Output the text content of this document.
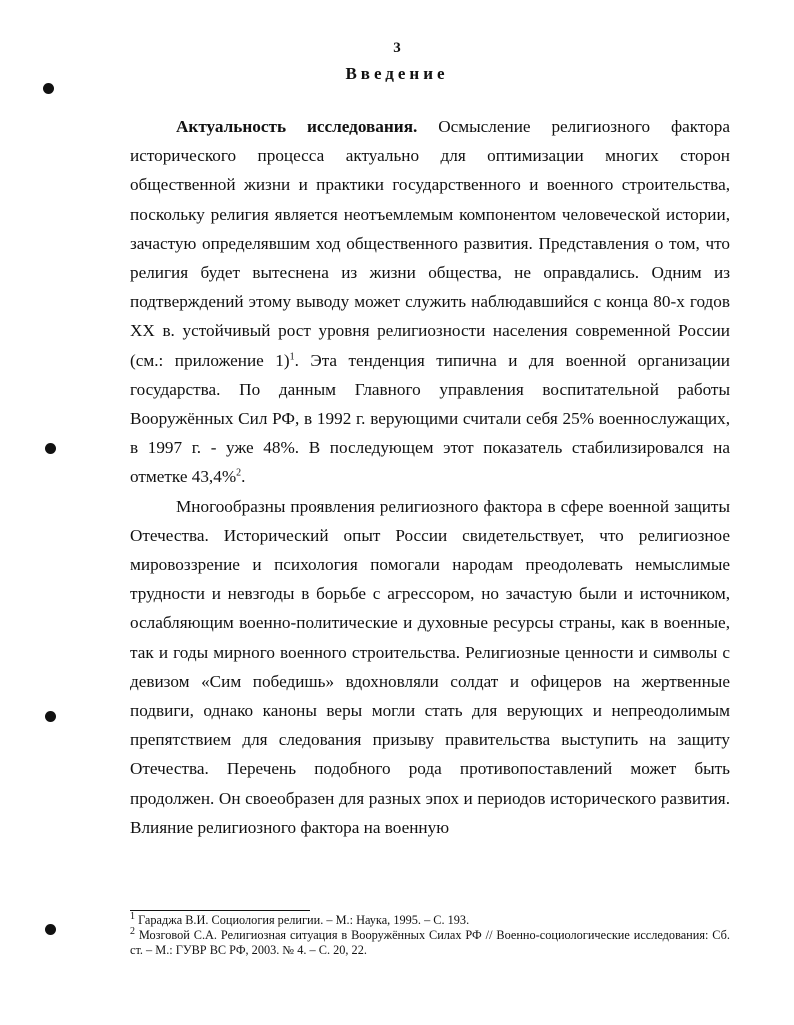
3
Введение

Актуальность исследования. Осмысление религиозного фактора исторического процесса актуально для оптимизации многих сторон общественной жизни и практики государственного и военного строительства, поскольку религия является неотъемлемым компонентом человеческой истории, зачастую определявшим ход общественного развития. Представления о том, что религия будет вытеснена из жизни общества, не оправдались. Одним из подтверждений этому выводу может служить наблюдавшийся с конца 80-х годов XX в. устойчивый рост уровня религиозности населения современной России (см.: приложение 1)$^1$. Эта тенденция типична и для военной организации государства. По данным Главного управления воспитательной работы Вооружённых Сил РФ, в 1992 г. верующими считали себя 25% военнослужащих, в 1997 г. - уже 48%. В последующем этот показатель стабилизировался на отметке 43,4%$^2$.

Многообразны проявления религиозного фактора в сфере военной защиты Отечества. Исторический опыт России свидетельствует, что религиозное мировоззрение и психология помогали народам преодолевать немыслимые трудности и невзгоды в борьбе с агрессором, но зачастую были и источником, ослабляющим военно-политические и духовные ресурсы страны, как в военные, так и годы мирного военного строительства. Религиозные ценности и символы с девизом «Сим победишь» вдохновляли солдат и офицеров на жертвенные подвиги, однако каноны веры могли стать для верующих и непреодолимым препятствием для следования призыву правительства выступить на защиту Отечества. Перечень подобного рода противопоставлений может быть продолжен. Он своеобразен для разных эпох и периодов исторического развития. Влияние религиозного фактора на военную

$^1$ Гараджа В.И. Социология религии. – М.: Наука, 1995. – С. 193.

$^2$ Мозговой С.А. Религиозная ситуация в Вооружённых Силах РФ // Военно-социологические исследования: Сб. ст. – М.: ГУВР ВС РФ, 2003. № 4. – С. 20, 22.
